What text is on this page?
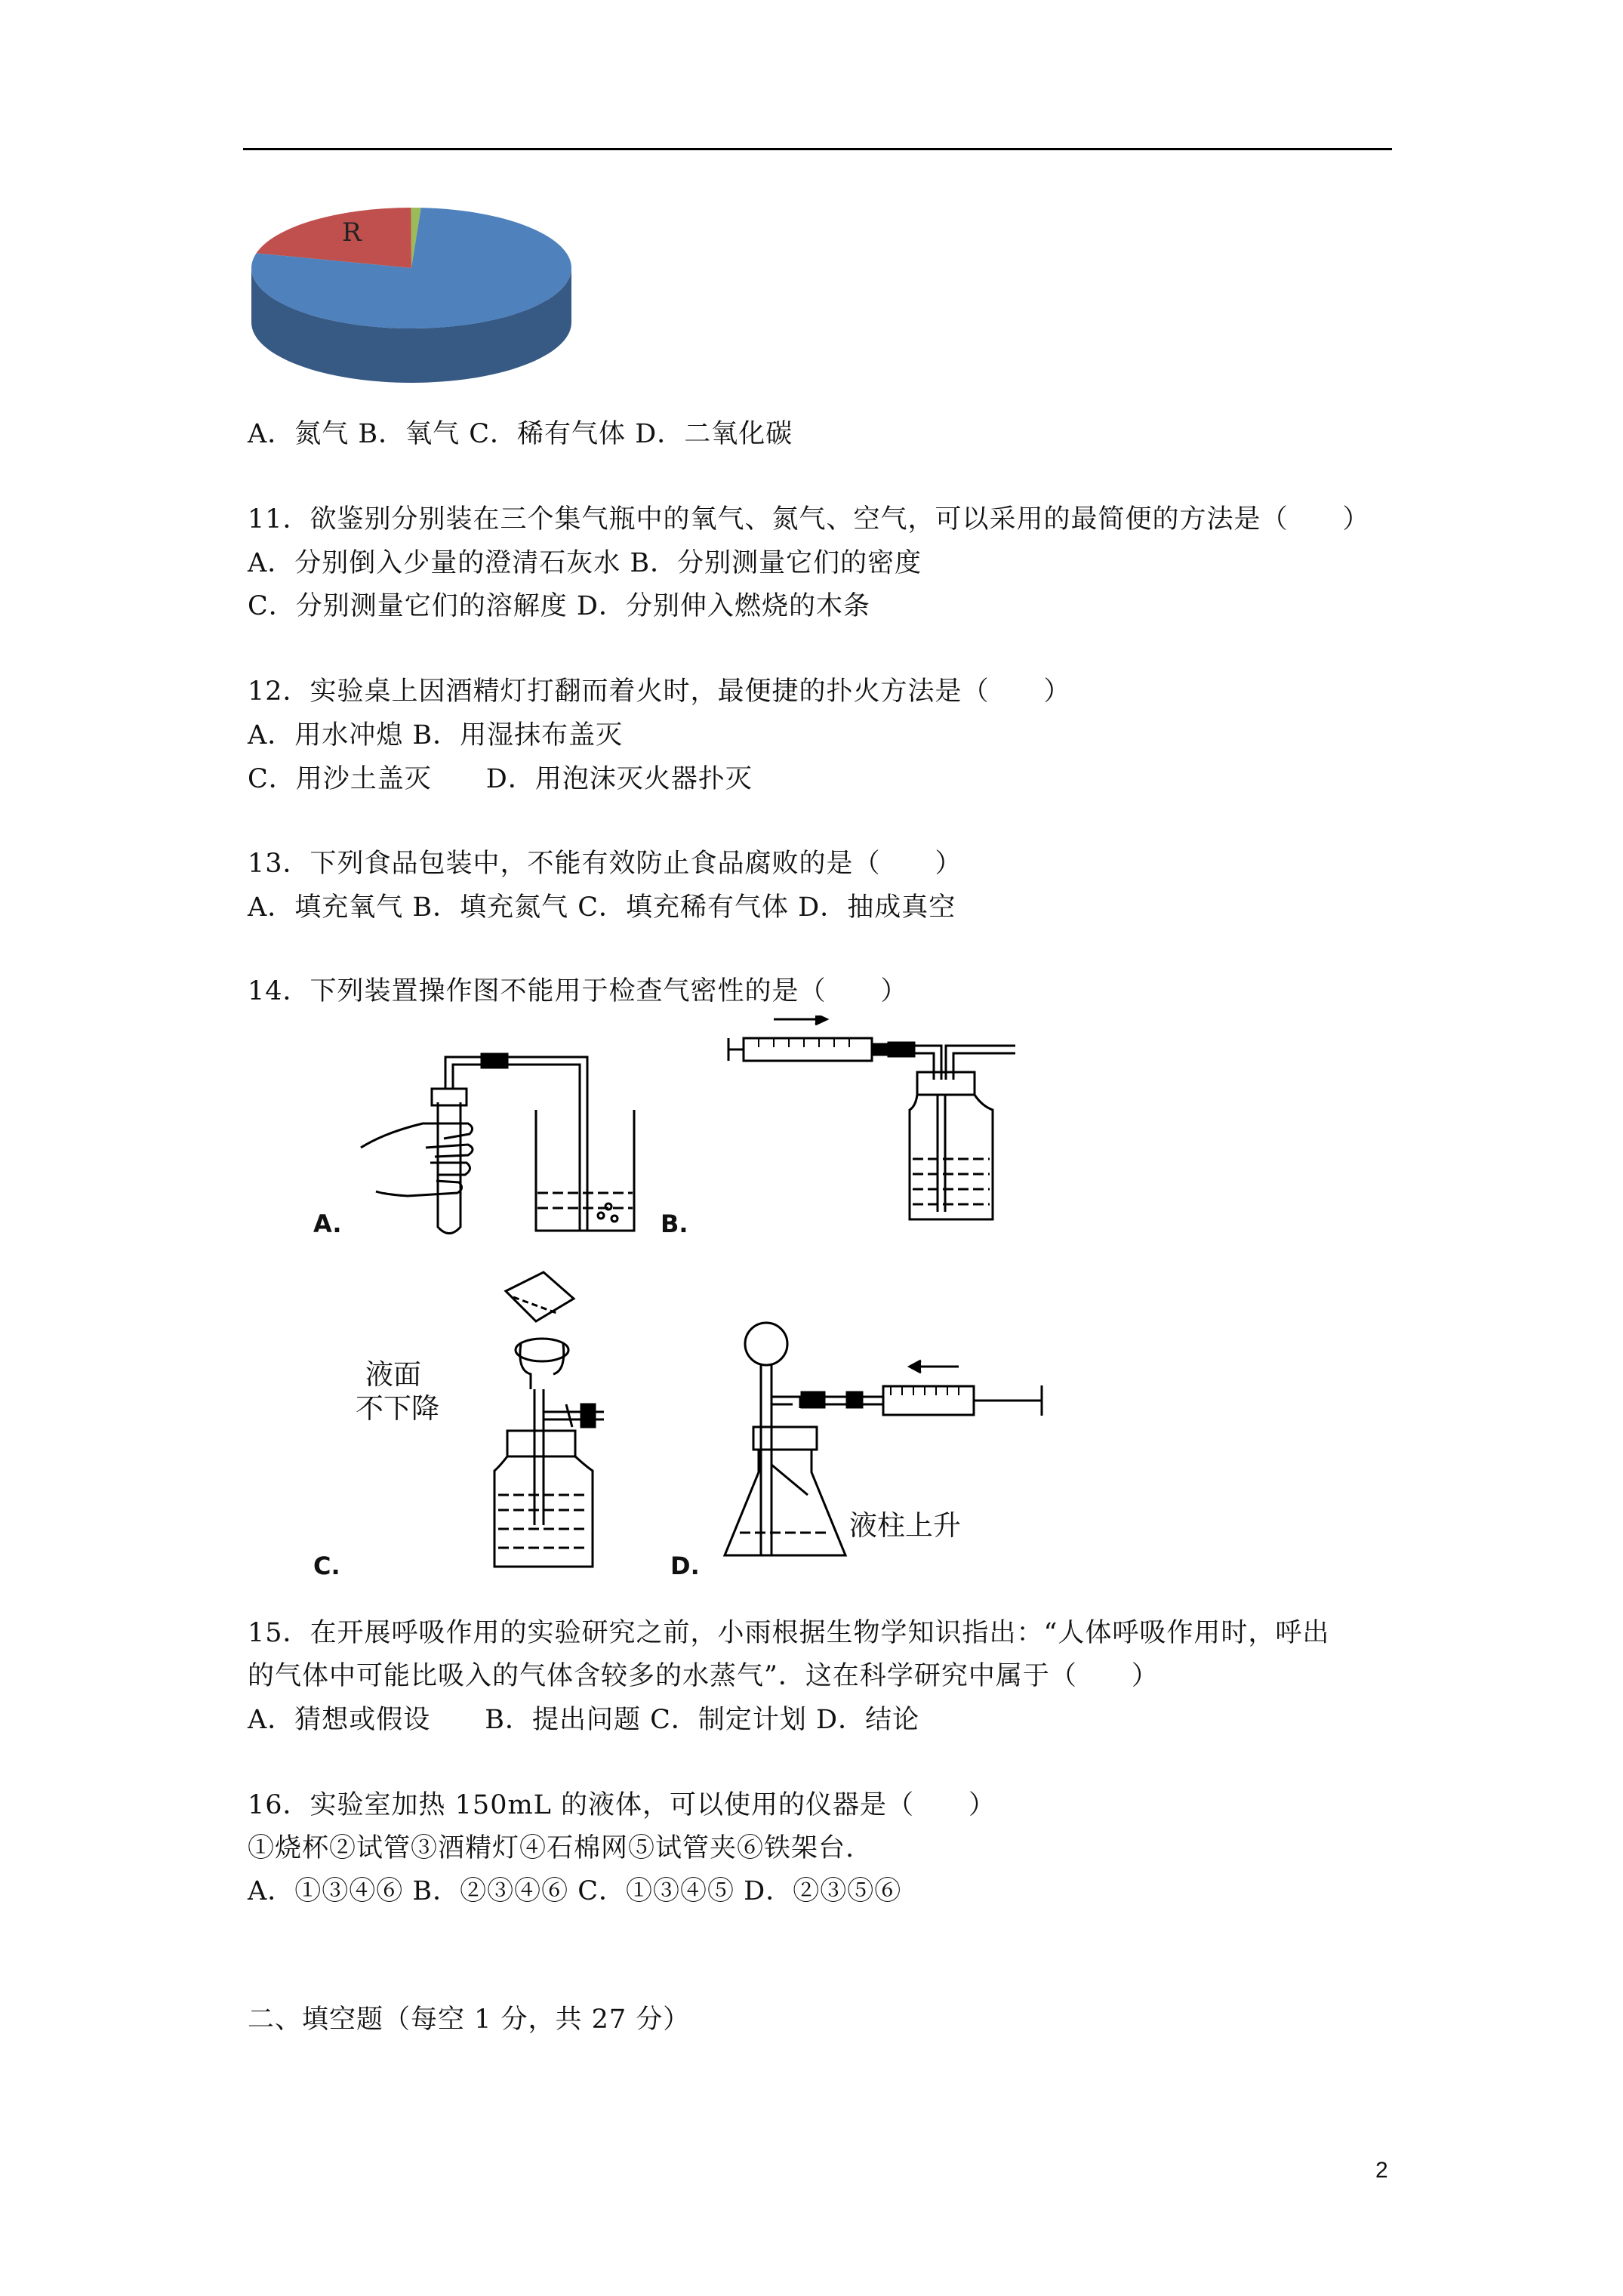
R
A．氮气 B．氧气 C．稀有气体 D．二氧化碳
11．欲鉴别分别装在三个集气瓶中的氧气、氮气、空气，可以采用的最简便的方法是（　　）
A．分别倒入少量的澄清石灰水 B．分别测量它们的密度
C．分别测量它们的溶解度 D．分别伸入燃烧的木条
12．实验桌上因酒精灯打翻而着火时，最便捷的扑火方法是（　　）
A．用水冲熄 B．用湿抹布盖灭
C．用沙土盖灭　　D．用泡沫灭火器扑灭
13．下列食品包装中，不能有效防止食品腐败的是（　　）
A．填充氧气 B．填充氮气 C．填充稀有气体 D．抽成真空
14．下列装置操作图不能用于检查气密性的是（　　）
A.	B.
液面
不下降
C.
液柱上升
D.
15．在开展呼吸作用的实验研究之前，小雨根据生物学知识指出：“人体呼吸作用时，呼出
的气体中可能比吸入的气体含较多的水蒸气”．这在科学研究中属于（　　）
A．猜想或假设　　B．提出问题 C．制定计划 D．结论
16．实验室加热 150mL 的液体，可以使用的仪器是（　　）
①烧杯②试管③酒精灯④石棉网⑤试管夹⑥铁架台.
A．①③④⑥ B．②③④⑥ C．①③④⑤ D．②③⑤⑥
二、填空题（每空 1 分，共 27 分）
2
